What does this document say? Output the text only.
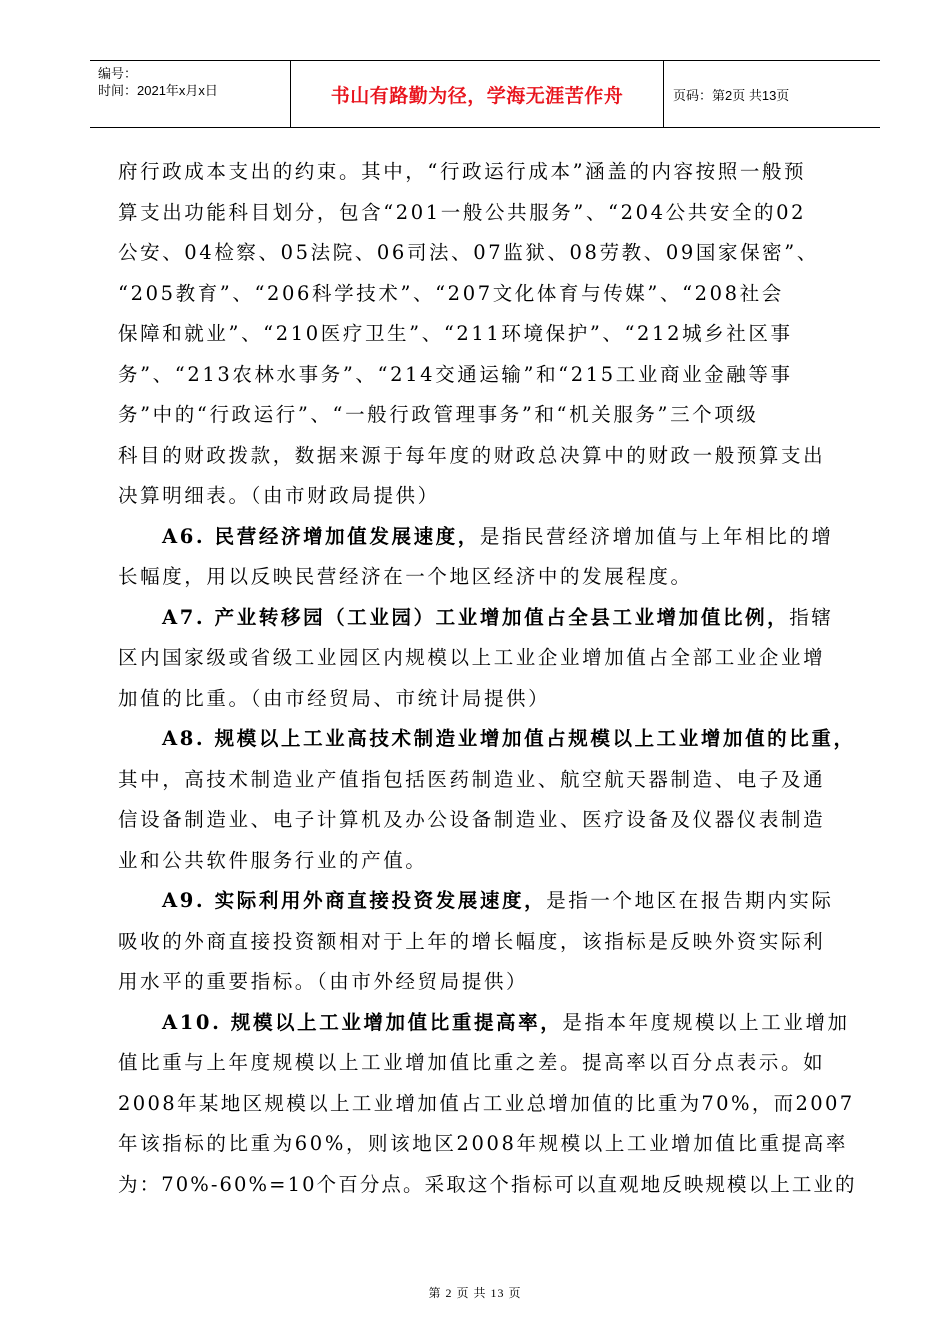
编号：
时间：2021年x月x日	书山有路勤为径，学海无涯苦作舟	页码：第2页 共13页

府行政成本支出的约束。其中，“行政运行成本”涵盖的内容按照一般预

算支出功能科目划分，包含“201一般公共服务”、“204公共安全的02

公安、04检察、05法院、06司法、07监狱、08劳教、09国家保密”、

“205教育”、“206科学技术”、“207文化体育与传媒”、“208社会

保障和就业”、“210医疗卫生”、“211环境保护”、“212城乡社区事

务”、“213农林水事务”、“214交通运输”和“215工业商业金融等事

务”中的“行政运行”、“一般行政管理事务”和“机关服务”三个项级

科目的财政拨款，数据来源于每年度的财政总决算中的财政一般预算支出

决算明细表。（由市财政局提供）

A6. 民营经济增加值发展速度，是指民营经济增加值与上年相比的增

长幅度，用以反映民营经济在一个地区经济中的发展程度。

A7. 产业转移园（工业园）工业增加值占全县工业增加值比例，指辖

区内国家级或省级工业园区内规模以上工业企业增加值占全部工业企业增

加值的比重。（由市经贸局、市统计局提供）

A8. 规模以上工业高技术制造业增加值占规模以上工业增加值的比重，

其中，高技术制造业产值指包括医药制造业、航空航天器制造、电子及通

信设备制造业、电子计算机及办公设备制造业、医疗设备及仪器仪表制造

业和公共软件服务行业的产值。

A9. 实际利用外商直接投资发展速度，是指一个地区在报告期内实际

吸收的外商直接投资额相对于上年的增长幅度，该指标是反映外资实际利

用水平的重要指标。（由市外经贸局提供）

A10. 规模以上工业增加值比重提高率，是指本年度规模以上工业增加

值比重与上年度规模以上工业增加值比重之差。提高率以百分点表示。如

2008年某地区规模以上工业增加值占工业总增加值的比重为70%，而2007

年该指标的比重为60%，则该地区2008年规模以上工业增加值比重提高率

为：70%-60%=10个百分点。采取这个指标可以直观地反映规模以上工业的

第 2 页 共 13 页
